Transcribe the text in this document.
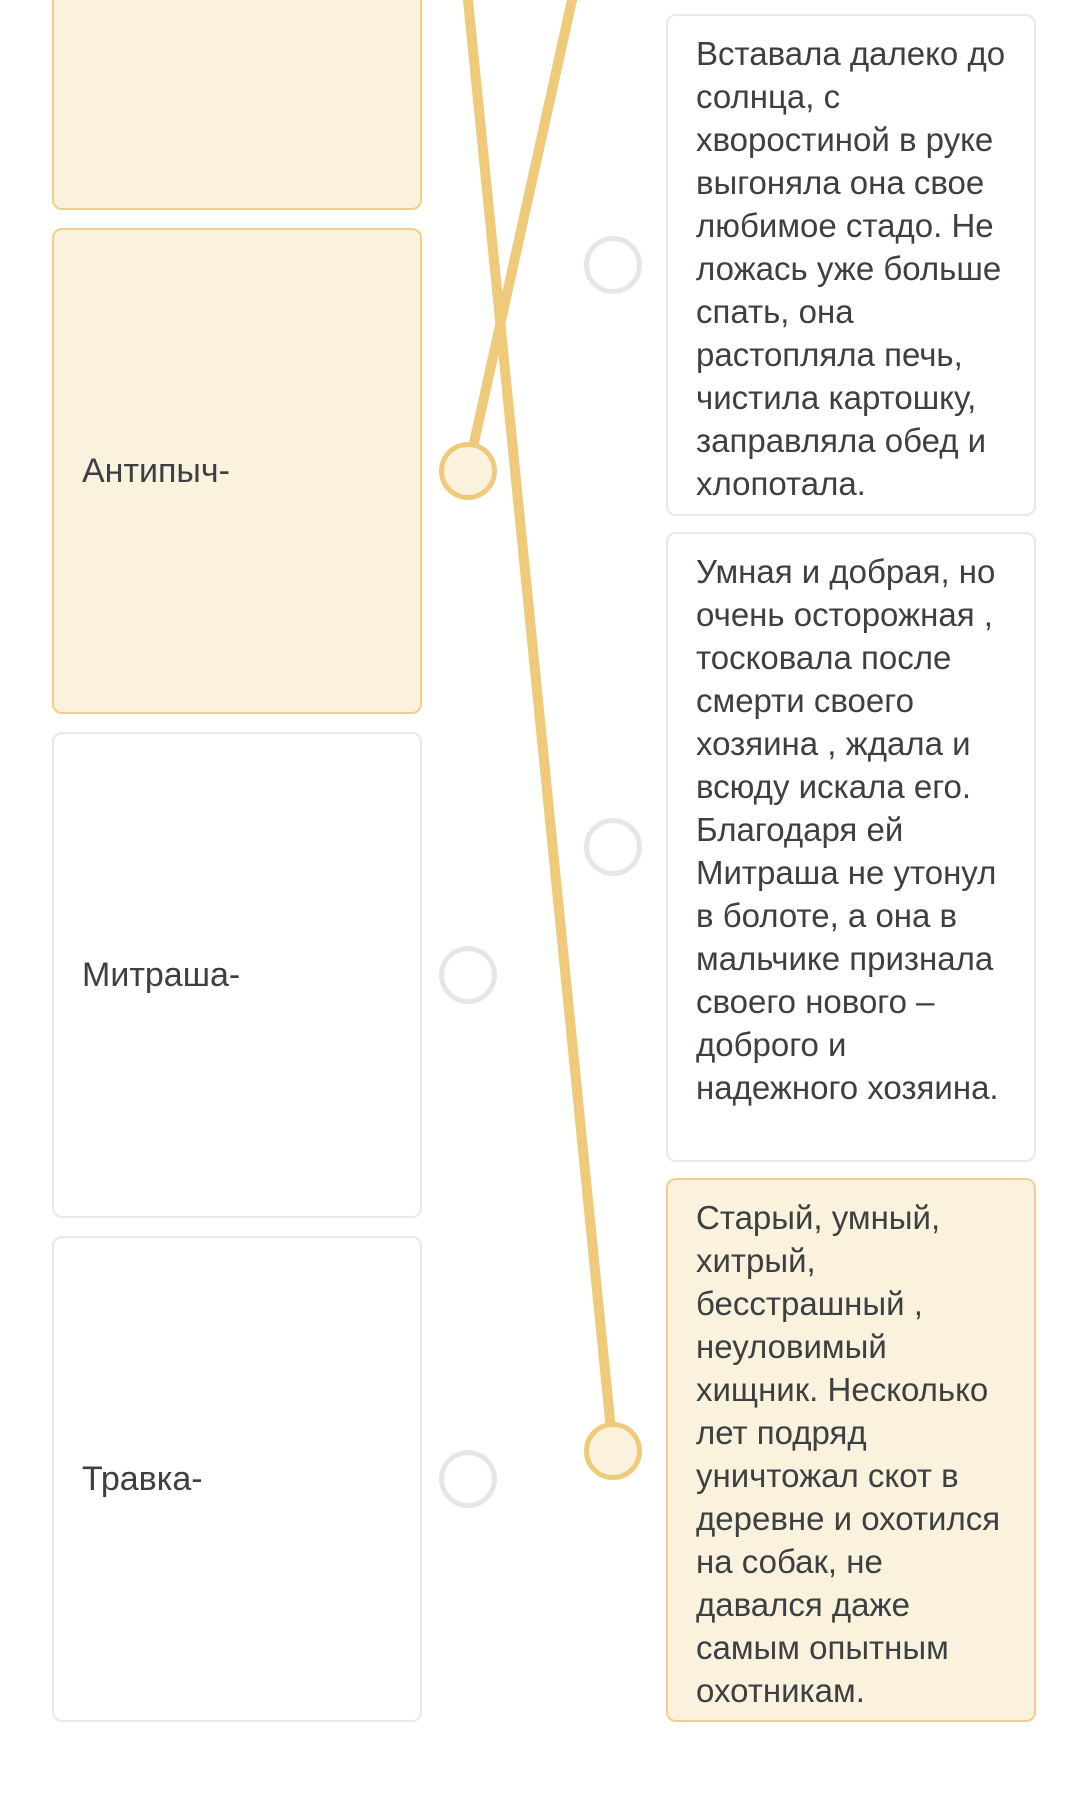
Антипыч-
Митраша-
Травка-
Вставала далеко до солнца, с хворостиной в руке выгоняла она свое любимое стадо. Не ложась уже больше спать, она растопляла печь, чистила картошку, заправляла обед и хлопотала.
Умная и добрая, но очень осторожная , тосковала после смерти своего хозяина , ждала и всюду искала его. Благодаря ей Митраша не утонул в болоте, а она в мальчике признала своего нового – доброго и надежного хозяина.
Старый, умный, хитрый, бесстрашный , неуловимый хищник. Несколько лет подряд уничтожал скот в деревне и охотился на собак, не давался даже самым опытным охотникам.
